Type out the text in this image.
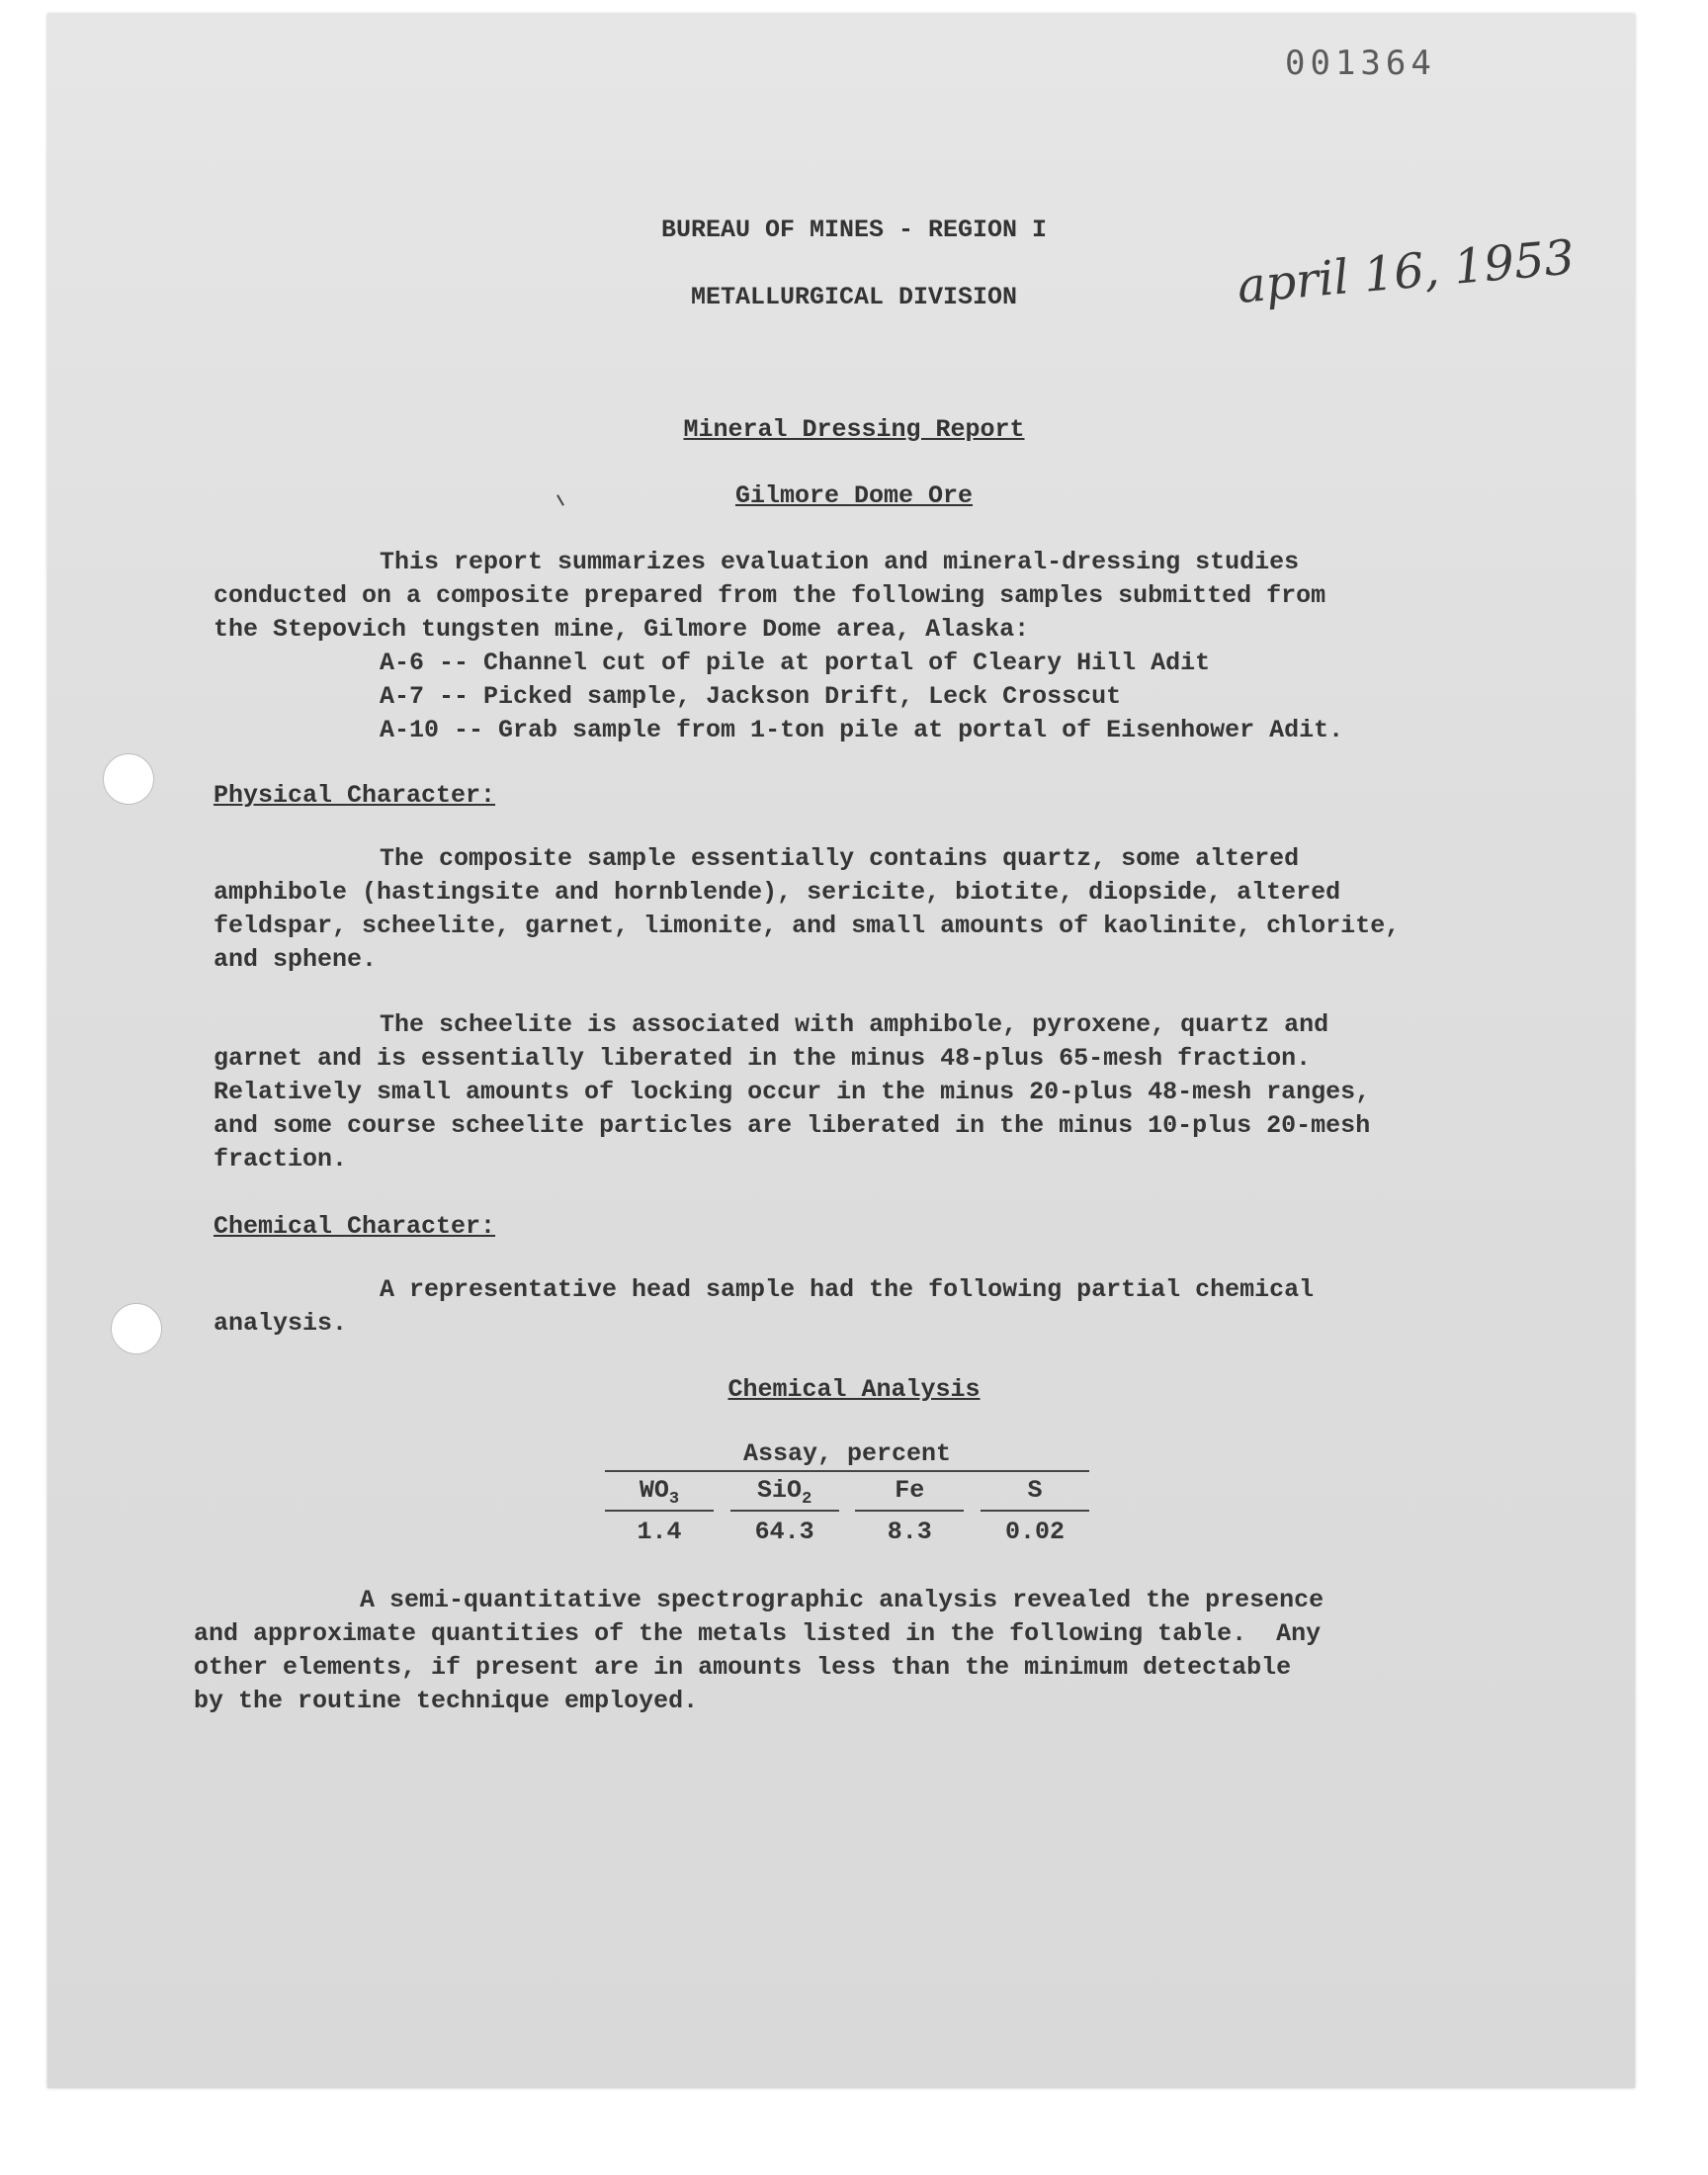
001364

BUREAU OF MINES - REGION I

METALLURGICAL DIVISION	april 16, 1953

Mineral Dressing Report

Gilmore Dome Ore

This report summarizes evaluation and mineral-dressing studies
conducted on a composite prepared from the following samples submitted from
the Stepovich tungsten mine, Gilmore Dome area, Alaska:
A-6 -- Channel cut of pile at portal of Cleary Hill Adit
A-7 -- Picked sample, Jackson Drift, Leck Crosscut
A-10 -- Grab sample from 1-ton pile at portal of Eisenhower Adit.

Physical Character:

The composite sample essentially contains quartz, some altered
amphibole (hastingsite and hornblende), sericite, biotite, diopside, altered
feldspar, scheelite, garnet, limonite, and small amounts of kaolinite, chlorite,
and sphene.
The scheelite is associated with amphibole, pyroxene, quartz and
garnet and is essentially liberated in the minus 48-plus 65-mesh fraction.
Relatively small amounts of locking occur in the minus 20-plus 48-mesh ranges,
and some course scheelite particles are liberated in the minus 10-plus 20-mesh
fraction.

Chemical Character:

A representative head sample had the following partial chemical
analysis.

Chemical Analysis

Assay, percent
$WO_3$	SiO$_2$	Fe	S
1.4	64.3	8.3	0.02
A semi-quantitative spectrographic analysis revealed the presence
and approximate quantities of the metals listed in the following table.  Any
other elements, if present are in amounts less than the minimum detectable
by the routine technique employed.
